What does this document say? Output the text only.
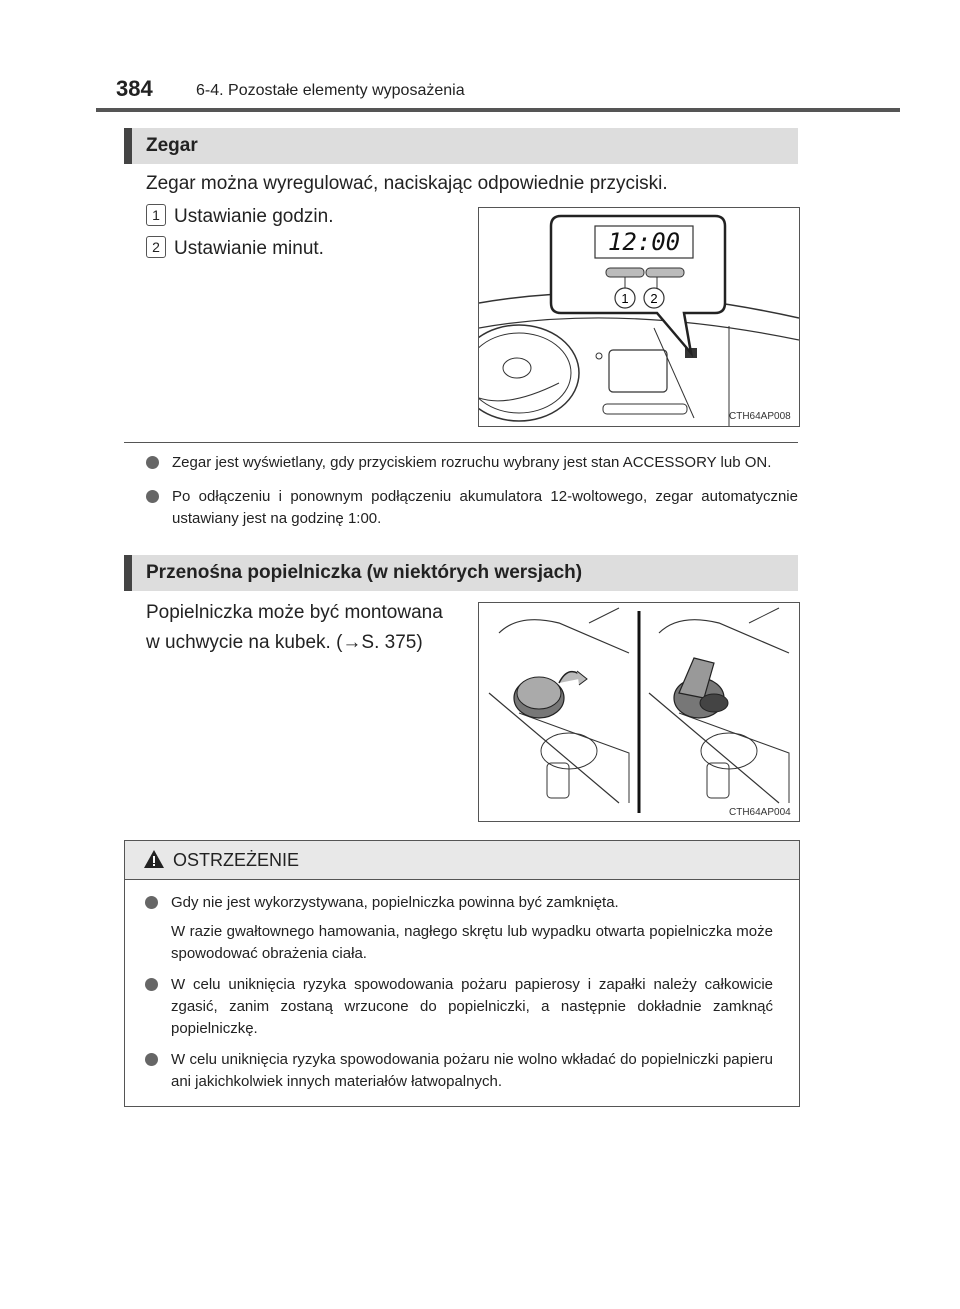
384	6-4. Pozostałe elementy wyposażenia
Zegar
Zegar można wyregulować, naciskając odpowiednie przyciski.
1 Ustawianie godzin.
2 Ustawianie minut.	12:00
1 2
CTH64AP008
Zegar jest wyświetlany, gdy przyciskiem rozruchu wybrany jest stan ACCESSORY lub ON.
Po odłączeniu i ponownym podłączeniu akumulatora 12-woltowego, zegar automatycznie ustawiany jest na godzinę 1:00.
Przenośna popielniczka (w niektórych wersjach)
Popielniczka może być montowana
w uchwycie na kubek. (→S. 375)
CTH64AP004
OSTRZEŻENIE
Gdy nie jest wykorzystywana, popielniczka powinna być zamknięta.
W razie gwałtownego hamowania, nagłego skrętu lub wypadku otwarta popielniczka może spowodować obrażenia ciała.
W celu uniknięcia ryzyka spowodowania pożaru papierosy i zapałki należy całkowicie zgasić, zanim zostaną wrzucone do popielniczki, a następnie dokładnie zamknąć popielniczkę.
W celu uniknięcia ryzyka spowodowania pożaru nie wolno wkładać do popielniczki papieru ani jakichkolwiek innych materiałów łatwopalnych.
